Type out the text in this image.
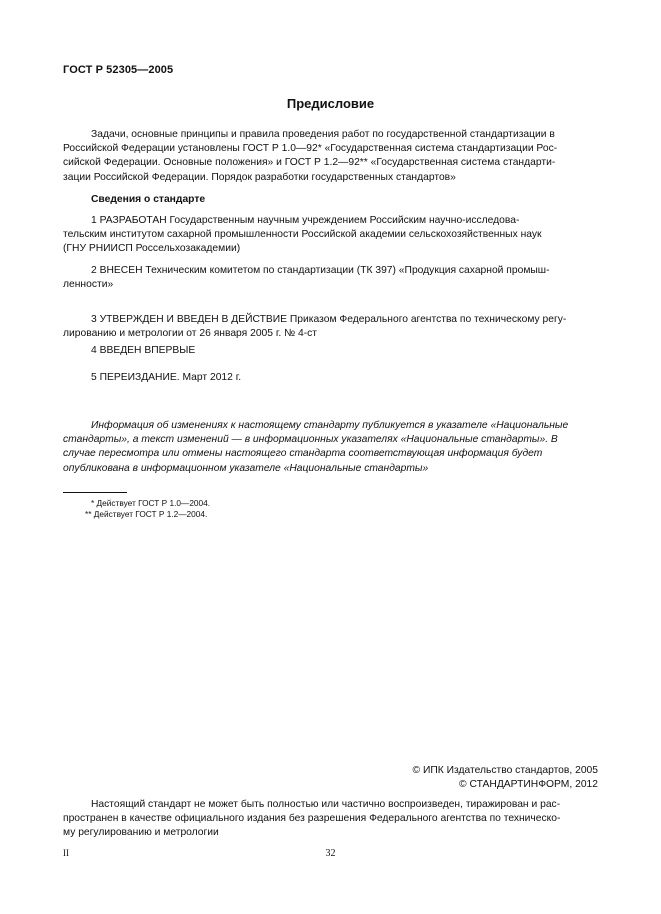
ГОСТ Р 52305—2005
Предисловие

Задачи, основные принципы и правила проведения работ по государственной стандартизации в

Российской Федерации установлены ГОСТ Р 1.0—92* «Государственная система стандартизации Рос-

сийской Федерации. Основные положения» и ГОСТ Р 1.2—92** «Государственная система стандарти-

зации Российской Федерации. Порядок разработки государственных стандартов»

Сведения о стандарте

1 РАЗРАБОТАН Государственным научным учреждением Российским научно-исследова-

тельским институтом сахарной промышленности Российской академии сельскохозяйственных наук

(ГНУ РНИИСП Россельхозакадемии)

2 ВНЕСЕН Техническим комитетом по стандартизации (ТК 397) «Продукция сахарной промыш-

ленности»

3 УТВЕРЖДЕН И ВВЕДЕН В ДЕЙСТВИЕ Приказом Федерального агентства по техническому регу-

лированию и метрологии от 26 января 2005 г. № 4-ст

4 ВВЕДЕН ВПЕРВЫЕ

5 ПЕРЕИЗДАНИЕ. Март 2012 г.

Информация об изменениях к настоящему стандарту публикуется в указателе «Национальные

стандарты», а текст изменений — в информационных указателях «Национальные стандарты». В

случае пересмотра или отмены настоящего стандарта соответствующая информация будет

опубликована в информационном указателе «Национальные стандарты»

* Действует ГОСТ Р 1.0—2004.
** Действует ГОСТ Р 1.2—2004.
© ИПК Издательство стандартов, 2005
© СТАНДАРТИНФОРМ, 2012

Настоящий стандарт не может быть полностью или частично воспроизведен, тиражирован и рас-

пространен в качестве официального издания без разрешения Федерального агентства по техническо-

му регулированию и метрологии

II	32
